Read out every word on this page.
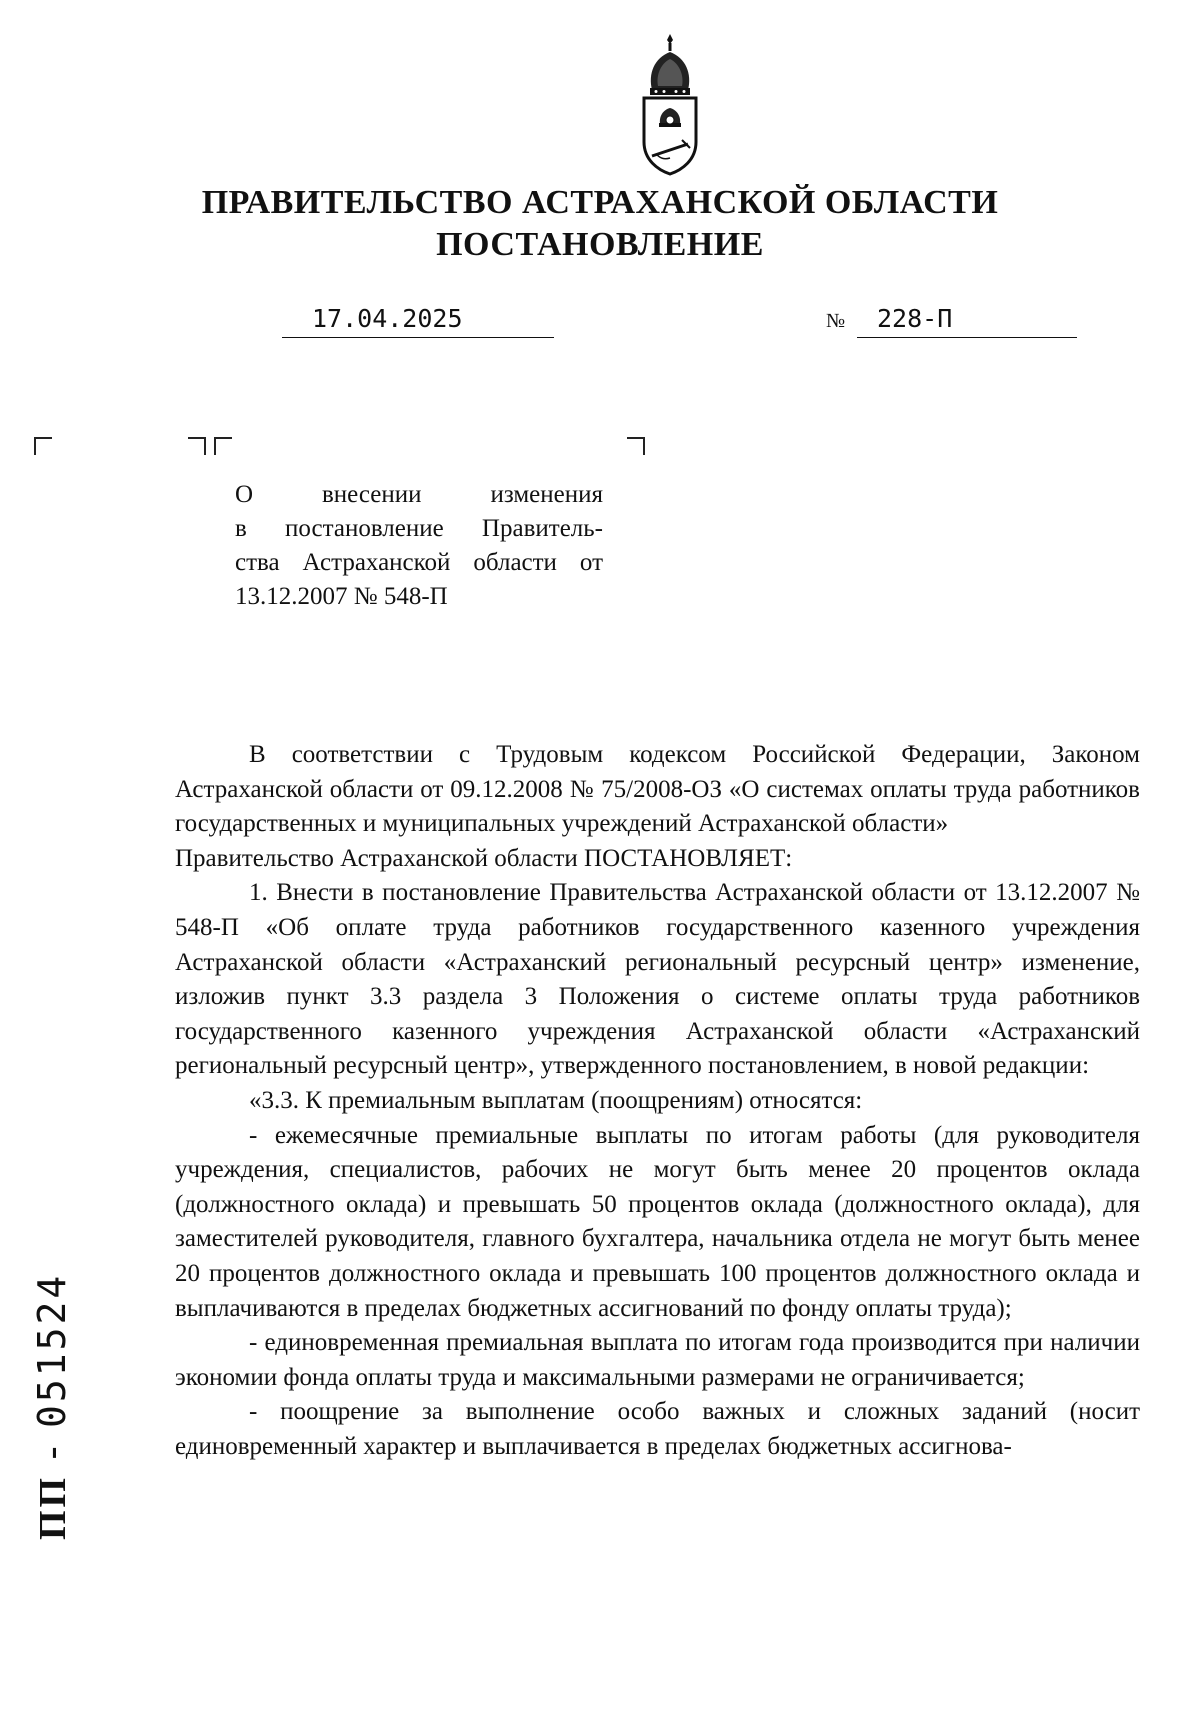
ПРАВИТЕЛЬСТВО АСТРАХАНСКОЙ ОБЛАСТИ
ПОСТАНОВЛЕНИЕ
17.04.2025	№	228-П
О внесении изменения
в постановление Правитель-
ства Астраханской области от
13.12.2007 № 548-П

В соответствии с Трудовым кодексом Российской Федерации, Законом Астраханской области от 09.12.2008 № 75/2008-ОЗ «О системах оплаты труда работников государственных и муниципальных учреждений Астраханской области»

Правительство Астраханской области ПОСТАНОВЛЯЕТ:

1. Внести в постановление Правительства Астраханской области от 13.12.2007 № 548-П «Об оплате труда работников государственного казенного учреждения Астраханской области «Астраханский региональный ресурсный центр» изменение, изложив пункт 3.3 раздела 3 Положения о системе оплаты труда работников государственного казенного учреждения Астраханской области «Астраханский региональный ресурсный центр», утвержденного постановлением, в новой редакции:

«3.3. К премиальным выплатам (поощрениям) относятся:

- ежемесячные премиальные выплаты по итогам работы (для руководителя учреждения, специалистов, рабочих не могут быть менее 20 процентов оклада (должностного оклада) и превышать 50 процентов оклада (должностного оклада), для заместителей руководителя, главного бухгалтера, начальника отдела не могут быть менее 20 процентов должностного оклада и превышать 100 процентов должностного оклада и выплачиваются в пределах бюджетных ассигнований по фонду оплаты труда);

- единовременная премиальная выплата по итогам года производится при наличии экономии фонда оплаты труда и максимальными размерами не ограничивается;

- поощрение за выполнение особо важных и сложных заданий (носит единовременный характер и выплачивается в пределах бюджетных ассигнова-

ПП - 051524
